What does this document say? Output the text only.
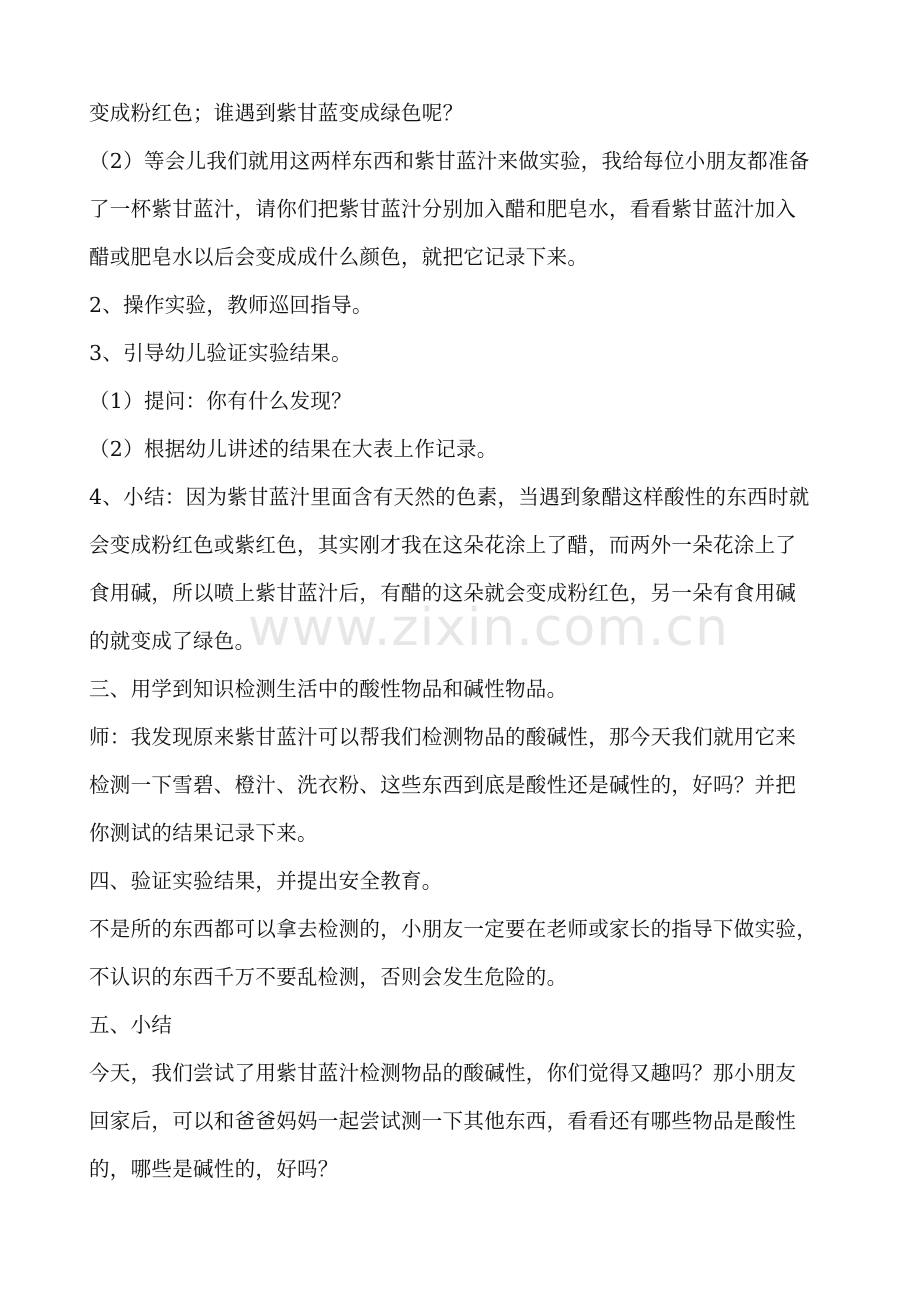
变成粉红色；谁遇到紫甘蓝变成绿色呢？
（2）等会儿我们就用这两样东西和紫甘蓝汁来做实验，我给每位小朋友都准备
了一杯紫甘蓝汁，请你们把紫甘蓝汁分别加入醋和肥皂水，看看紫甘蓝汁加入
醋或肥皂水以后会变成成什么颜色，就把它记录下来。
2、操作实验，教师巡回指导。
3、引导幼儿验证实验结果。
（1）提问：你有什么发现？
（2）根据幼儿讲述的结果在大表上作记录。
4、小结：因为紫甘蓝汁里面含有天然的色素，当遇到象醋这样酸性的东西时就
会变成粉红色或紫红色，其实刚才我在这朵花涂上了醋，而两外一朵花涂上了
食用碱，所以喷上紫甘蓝汁后，有醋的这朵就会变成粉红色，另一朵有食用碱
的就变成了绿色。
三、用学到知识检测生活中的酸性物品和碱性物品。
师：我发现原来紫甘蓝汁可以帮我们检测物品的酸碱性，那今天我们就用它来
检测一下雪碧、橙汁、洗衣粉、这些东西到底是酸性还是碱性的，好吗？并把
你测试的结果记录下来。
四、验证实验结果，并提出安全教育。
不是所的东西都可以拿去检测的，小朋友一定要在老师或家长的指导下做实验，
不认识的东西千万不要乱检测，否则会发生危险的。
五、小结
今天，我们尝试了用紫甘蓝汁检测物品的酸碱性，你们觉得又趣吗？那小朋友
回家后，可以和爸爸妈妈一起尝试测一下其他东西，看看还有哪些物品是酸性
的，哪些是碱性的，好吗？
www.zixin.com.cn
